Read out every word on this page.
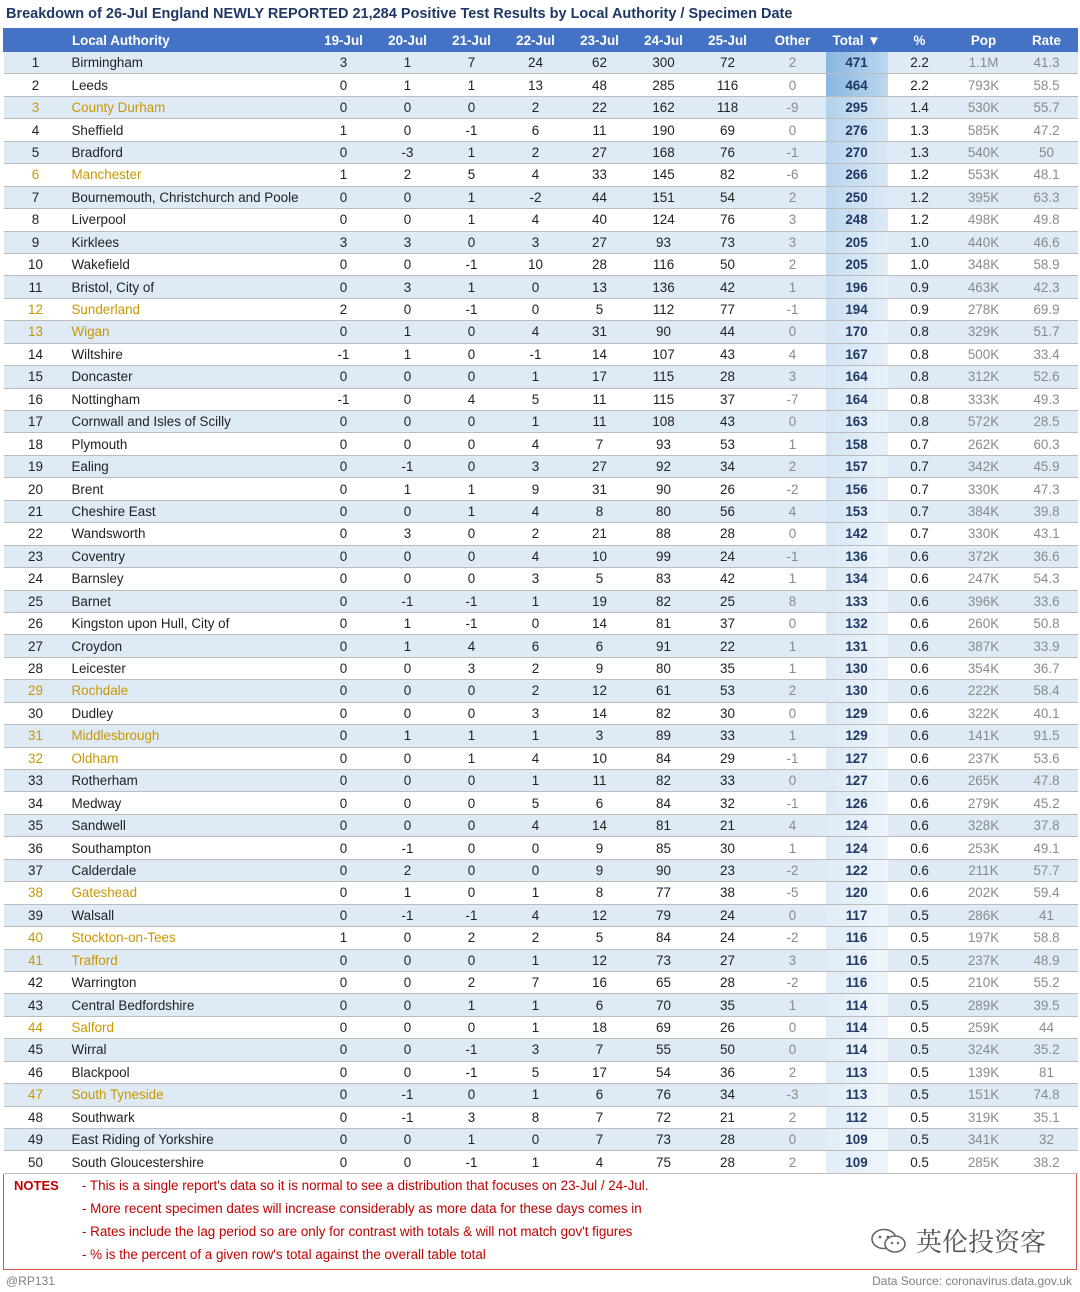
Breakdown of 26-Jul England NEWLY REPORTED 21,284 Positive Test Results by Local Authority / Specimen Date
	Local Authority	19-Jul	20-Jul	21-Jul	22-Jul	23-Jul	24-Jul	25-Jul	Other	Total ▼	%	Pop	Rate
1	Birmingham	3	1	7	24	62	300	72	2	471	2.2	1.1M	41.3
2	Leeds	0	1	1	13	48	285	116	0	464	2.2	793K	58.5
3	County Durham	0	0	0	2	22	162	118	-9	295	1.4	530K	55.7
4	Sheffield	1	0	-1	6	11	190	69	0	276	1.3	585K	47.2
5	Bradford	0	-3	1	2	27	168	76	-1	270	1.3	540K	50
6	Manchester	1	2	5	4	33	145	82	-6	266	1.2	553K	48.1
7	Bournemouth, Christchurch and Poole	0	0	1	-2	44	151	54	2	250	1.2	395K	63.3
8	Liverpool	0	0	1	4	40	124	76	3	248	1.2	498K	49.8
9	Kirklees	3	3	0	3	27	93	73	3	205	1.0	440K	46.6
10	Wakefield	0	0	-1	10	28	116	50	2	205	1.0	348K	58.9
11	Bristol, City of	0	3	1	0	13	136	42	1	196	0.9	463K	42.3
12	Sunderland	2	0	-1	0	5	112	77	-1	194	0.9	278K	69.9
13	Wigan	0	1	0	4	31	90	44	0	170	0.8	329K	51.7
14	Wiltshire	-1	1	0	-1	14	107	43	4	167	0.8	500K	33.4
15	Doncaster	0	0	0	1	17	115	28	3	164	0.8	312K	52.6
16	Nottingham	-1	0	4	5	11	115	37	-7	164	0.8	333K	49.3
17	Cornwall and Isles of Scilly	0	0	0	1	11	108	43	0	163	0.8	572K	28.5
18	Plymouth	0	0	0	4	7	93	53	1	158	0.7	262K	60.3
19	Ealing	0	-1	0	3	27	92	34	2	157	0.7	342K	45.9
20	Brent	0	1	1	9	31	90	26	-2	156	0.7	330K	47.3
21	Cheshire East	0	0	1	4	8	80	56	4	153	0.7	384K	39.8
22	Wandsworth	0	3	0	2	21	88	28	0	142	0.7	330K	43.1
23	Coventry	0	0	0	4	10	99	24	-1	136	0.6	372K	36.6
24	Barnsley	0	0	0	3	5	83	42	1	134	0.6	247K	54.3
25	Barnet	0	-1	-1	1	19	82	25	8	133	0.6	396K	33.6
26	Kingston upon Hull, City of	0	1	-1	0	14	81	37	0	132	0.6	260K	50.8
27	Croydon	0	1	4	6	6	91	22	1	131	0.6	387K	33.9
28	Leicester	0	0	3	2	9	80	35	1	130	0.6	354K	36.7
29	Rochdale	0	0	0	2	12	61	53	2	130	0.6	222K	58.4
30	Dudley	0	0	0	3	14	82	30	0	129	0.6	322K	40.1
31	Middlesbrough	0	1	1	1	3	89	33	1	129	0.6	141K	91.5
32	Oldham	0	0	1	4	10	84	29	-1	127	0.6	237K	53.6
33	Rotherham	0	0	0	1	11	82	33	0	127	0.6	265K	47.8
34	Medway	0	0	0	5	6	84	32	-1	126	0.6	279K	45.2
35	Sandwell	0	0	0	4	14	81	21	4	124	0.6	328K	37.8
36	Southampton	0	-1	0	0	9	85	30	1	124	0.6	253K	49.1
37	Calderdale	0	2	0	0	9	90	23	-2	122	0.6	211K	57.7
38	Gateshead	0	1	0	1	8	77	38	-5	120	0.6	202K	59.4
39	Walsall	0	-1	-1	4	12	79	24	0	117	0.5	286K	41
40	Stockton-on-Tees	1	0	2	2	5	84	24	-2	116	0.5	197K	58.8
41	Trafford	0	0	0	1	12	73	27	3	116	0.5	237K	48.9
42	Warrington	0	0	2	7	16	65	28	-2	116	0.5	210K	55.2
43	Central Bedfordshire	0	0	1	1	6	70	35	1	114	0.5	289K	39.5
44	Salford	0	0	0	1	18	69	26	0	114	0.5	259K	44
45	Wirral	0	0	-1	3	7	55	50	0	114	0.5	324K	35.2
46	Blackpool	0	0	-1	5	17	54	36	2	113	0.5	139K	81
47	South Tyneside	0	-1	0	1	6	76	34	-3	113	0.5	151K	74.8
48	Southwark	0	-1	3	8	7	72	21	2	112	0.5	319K	35.1
49	East Riding of Yorkshire	0	0	1	0	7	73	28	0	109	0.5	341K	32
50	South Gloucestershire	0	0	-1	1	4	75	28	2	109	0.5	285K	38.2
NOTES - This is a single report's data so it is normal to see a distribution that focuses on 23-Jul / 24-Jul.
- More recent specimen dates will increase considerably as more data for these days comes in
- Rates include the lag period so are only for contrast with totals & will not match gov't figures
- % is the percent of a given row's total against the overall table total	英伦投资客
@RP131	Data Source: coronavirus.data.gov.uk
